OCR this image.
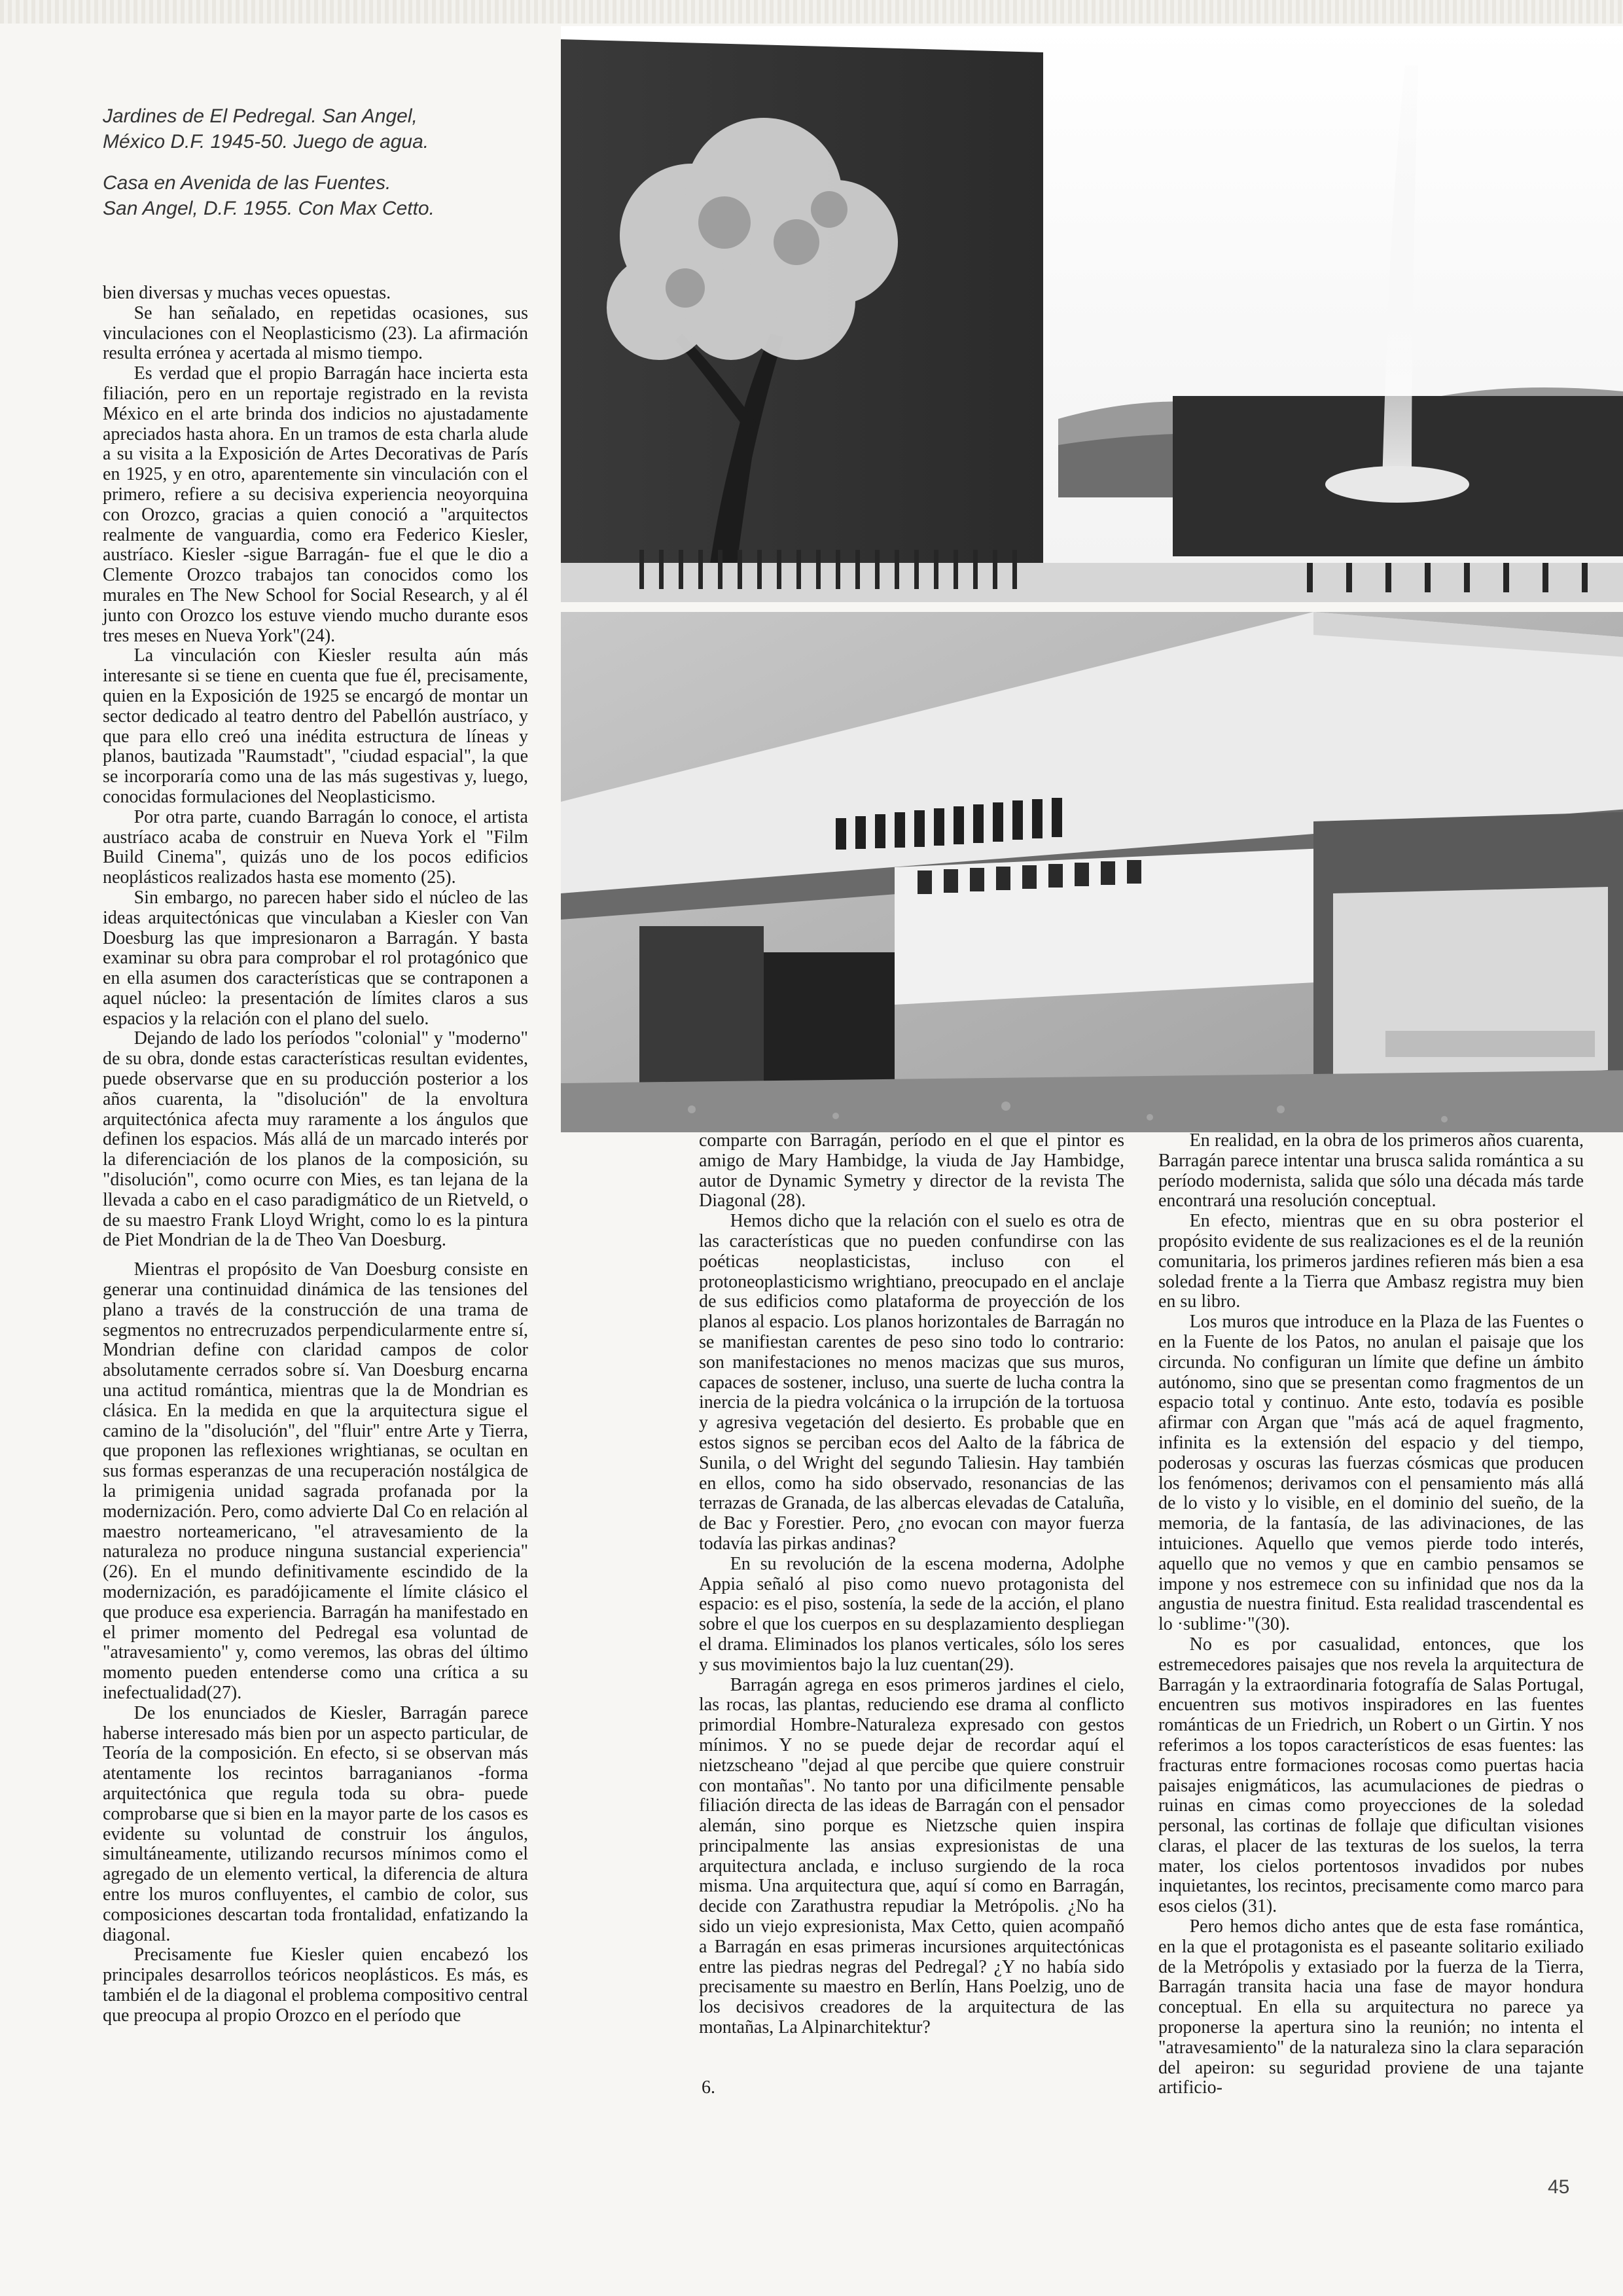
Jardines de El Pedregal. San Angel,
México D.F. 1945-50. Juego de agua.

Casa en Avenida de las Fuentes.
San Angel, D.F. 1955. Con Max Cetto.

bien diversas y muchas veces opuestas.

Se han señalado, en repetidas ocasiones, sus vinculaciones con el Neoplasticismo (23). La afirmación resulta errónea y acertada al mismo tiempo.

Es verdad que el propio Barragán hace incierta esta filiación, pero en un reportaje registrado en la revista México en el arte brinda dos indicios no ajustadamente apreciados hasta ahora. En un tramos de esta charla alude a su visita a la Exposición de Artes Decorativas de París en 1925, y en otro, aparentemente sin vinculación con el primero, refiere a su decisiva experiencia neoyorquina con Orozco, gracias a quien conoció a "arquitectos realmente de vanguardia, como era Federico Kiesler, austríaco. Kiesler -sigue Barragán- fue el que le dio a Clemente Orozco trabajos tan conocidos como los murales en The New School for Social Research, y al él junto con Orozco los estuve viendo mucho durante esos tres meses en Nueva York"(24).

La vinculación con Kiesler resulta aún más interesante si se tiene en cuenta que fue él, precisamente, quien en la Exposición de 1925 se encargó de montar un sector dedicado al teatro dentro del Pabellón austríaco, y que para ello creó una inédita estructura de líneas y planos, bautizada "Raumstadt", "ciudad espacial", la que se incorporaría como una de las más sugestivas y, luego, conocidas formulaciones del Neoplasticismo.

Por otra parte, cuando Barragán lo conoce, el artista austríaco acaba de construir en Nueva York el "Film Build Cinema", quizás uno de los pocos edificios neoplásticos realizados hasta ese momento (25).

Sin embargo, no parecen haber sido el núcleo de las ideas arquitectónicas que vinculaban a Kiesler con Van Doesburg las que impresionaron a Barragán. Y basta examinar su obra para comprobar el rol protagónico que en ella asumen dos características que se contraponen a aquel núcleo: la presentación de límites claros a sus espacios y la relación con el plano del suelo.

Dejando de lado los períodos "colonial" y "moderno" de su obra, donde estas características resultan evidentes, puede observarse que en su producción posterior a los años cuarenta, la "disolución" de la envoltura arquitectónica afecta muy raramente a los ángulos que definen los espacios. Más allá de un marcado interés por la diferenciación de los planos de la composición, su "disolución", como ocurre con Mies, es tan lejana de la llevada a cabo en el caso paradigmático de un Rietveld, o de su maestro Frank Lloyd Wright, como lo es la pintura de Piet Mondrian de la de Theo Van Doesburg.

Mientras el propósito de Van Doesburg consiste en generar una continuidad dinámica de las tensiones del plano a través de la construcción de una trama de segmentos no entrecruzados perpendicularmente entre sí, Mondrian define con claridad campos de color absolutamente cerrados sobre sí. Van Doesburg encarna una actitud romántica, mientras que la de Mondrian es clásica. En la medida en que la arquitectura sigue el camino de la "disolución", del "fluir" entre Arte y Tierra, que proponen las reflexiones wrightianas, se ocultan en sus formas esperanzas de una recuperación nostálgica de la primigenia unidad sagrada profanada por la modernización. Pero, como advierte Dal Co en relación al maestro norteamericano, "el atravesamiento de la naturaleza no produce ninguna sustancial experiencia"(26). En el mundo definitivamente escindido de la modernización, es paradójicamente el límite clásico el que produce esa experiencia. Barragán ha manifestado en el primer momento del Pedregal esa voluntad de "atravesamiento" y, como veremos, las obras del último momento pueden entenderse como una crítica a su inefectualidad(27).

De los enunciados de Kiesler, Barragán parece haberse interesado más bien por un aspecto particular, de Teoría de la composición. En efecto, si se observan más atentamente los recintos barraganianos -forma arquitectónica que regula toda su obra- puede comprobarse que si bien en la mayor parte de los casos es evidente su voluntad de construir los ángulos, simultáneamente, utilizando recursos mínimos como el agregado de un elemento vertical, la diferencia de altura entre los muros confluyentes, el cambio de color, sus composiciones descartan toda frontalidad, enfatizando la diagonal.

Precisamente fue Kiesler quien encabezó los principales desarrollos teóricos neoplásticos. Es más, es también el de la diagonal el problema compositivo central que preocupa al propio Orozco en el período que

comparte con Barragán, período en el que el pintor es amigo de Mary Hambidge, la viuda de Jay Hambidge, autor de Dynamic Symetry y director de la revista The Diagonal (28).

Hemos dicho que la relación con el suelo es otra de las características que no pueden confundirse con las poéticas neoplasticistas, incluso con el protoneoplasticismo wrightiano, preocupado en el anclaje de sus edificios como plataforma de proyección de los planos al espacio. Los planos horizontales de Barragán no se manifiestan carentes de peso sino todo lo contrario: son manifestaciones no menos macizas que sus muros, capaces de sostener, incluso, una suerte de lucha contra la inercia de la piedra volcánica o la irrupción de la tortuosa y agresiva vegetación del desierto. Es probable que en estos signos se perciban ecos del Aalto de la fábrica de Sunila, o del Wright del segundo Taliesin. Hay también en ellos, como ha sido observado, resonancias de las terrazas de Granada, de las albercas elevadas de Cataluña, de Bac y Forestier. Pero, ¿no evocan con mayor fuerza todavía las pirkas andinas?

En su revolución de la escena moderna, Adolphe Appia señaló al piso como nuevo protagonista del espacio: es el piso, sostenía, la sede de la acción, el plano sobre el que los cuerpos en su desplazamiento despliegan el drama. Eliminados los planos verticales, sólo los seres y sus movimientos bajo la luz cuentan(29).

Barragán agrega en esos primeros jardines el cielo, las rocas, las plantas, reduciendo ese drama al conflicto primordial Hombre-Naturaleza expresado con gestos mínimos. Y no se puede dejar de recordar aquí el nietzscheano "dejad al que percibe que quiere construir con montañas". No tanto por una dificilmente pensable filiación directa de las ideas de Barragán con el pensador alemán, sino porque es Nietzsche quien inspira principalmente las ansias expresionistas de una arquitectura anclada, e incluso surgiendo de la roca misma. Una arquitectura que, aquí sí como en Barragán, decide con Zarathustra repudiar la Metrópolis. ¿No ha sido un viejo expresionista, Max Cetto, quien acompañó a Barragán en esas primeras incursiones arquitectónicas entre las piedras negras del Pedregal? ¿Y no había sido precisamente su maestro en Berlín, Hans Poelzig, uno de los decisivos creadores de la arquitectura de las montañas, La Alpinarchitektur?

6.

En realidad, en la obra de los primeros años cuarenta, Barragán parece intentar una brusca salida romántica a su período modernista, salida que sólo una década más tarde encontrará una resolución conceptual.

En efecto, mientras que en su obra posterior el propósito evidente de sus realizaciones es el de la reunión comunitaria, los primeros jardines refieren más bien a esa soledad frente a la Tierra que Ambasz registra muy bien en su libro.

Los muros que introduce en la Plaza de las Fuentes o en la Fuente de los Patos, no anulan el paisaje que los circunda. No configuran un límite que define un ámbito autónomo, sino que se presentan como fragmentos de un espacio total y continuo. Ante esto, todavía es posible afirmar con Argan que "más acá de aquel fragmento, infinita es la extensión del espacio y del tiempo, poderosas y oscuras las fuerzas cósmicas que producen los fenómenos; derivamos con el pensamiento más allá de lo visto y lo visible, en el dominio del sueño, de la memoria, de la fantasía, de las adivinaciones, de las intuiciones. Aquello que vemos pierde todo interés, aquello que no vemos y que en cambio pensamos se impone y nos estremece con su infinidad que nos da la angustia de nuestra finitud. Esta realidad trascendental es lo ·sublime·"(30).

No es por casualidad, entonces, que los estremecedores paisajes que nos revela la arquitectura de Barragán y la extraordinaria fotografía de Salas Portugal, encuentren sus motivos inspiradores en las fuentes románticas de un Friedrich, un Robert o un Girtin. Y nos referimos a los topos característicos de esas fuentes: las fracturas entre formaciones rocosas como puertas hacia paisajes enigmáticos, las acumulaciones de piedras o ruinas en cimas como proyecciones de la soledad personal, las cortinas de follaje que dificultan visiones claras, el placer de las texturas de los suelos, la terra mater, los cielos portentosos invadidos por nubes inquietantes, los recintos, precisamente como marco para esos cielos (31).

Pero hemos dicho antes que de esta fase romántica, en la que el protagonista es el paseante solitario exiliado de la Metrópolis y extasiado por la fuerza de la Tierra, Barragán transita hacia una fase de mayor hondura conceptual. En ella su arquitectura no parece ya proponerse la apertura sino la reunión; no intenta el "atravesamiento" de la naturaleza sino la clara separación del apeiron: su seguridad proviene de una tajante artificio-

45
